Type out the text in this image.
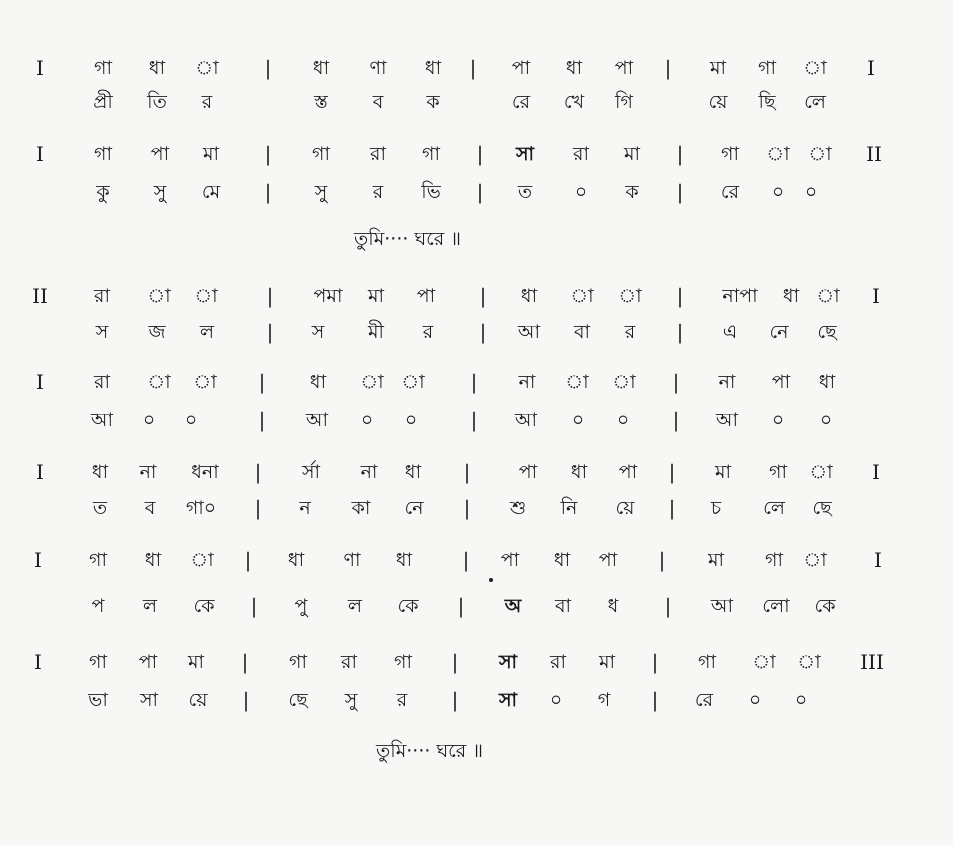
I	গা ধা া | ধা ণা ধা | পা ধা পা | মা গা া I
প্রী তি র	স্ত ব ক	রে খে গি	য়ে ছি লে
I	গা পা মা | গা রা গা | সা রা মা | গা া া II
কু সু মে | সু র ভি | ত ০ ক | রে ০ ০
তুমি···· ঘরে ॥
II রা া া | পমা মা পা | ধা া া | নাপা ধা া I
স জ ল	| স মী র | আ বা র | এ নে ছে
I	রা া া | ধা া া | না া া | না পা ধা
আ ০ ০	| আ ০ ০	| আ ০ ০ | আ ০ ০
I	ধা না ধনা | র্সা না ধা |	পা ধা পা | মা গা া I
ত ব গা০ | ন কা নে | শু নি য়ে | চ লে ছে
I গা ধা া | ধা ণা ধা	| পা ধা পা | মা গা া I
প ল কে | পু ল কে | অ বা ধ | আ লো কে
I গা পা মা | গা রা গা | সা রা মা | গা া া III
ভা সা য়ে | ছে সু র | সা ০ গ | রে ০ ০
তুমি···· ঘরে ॥
